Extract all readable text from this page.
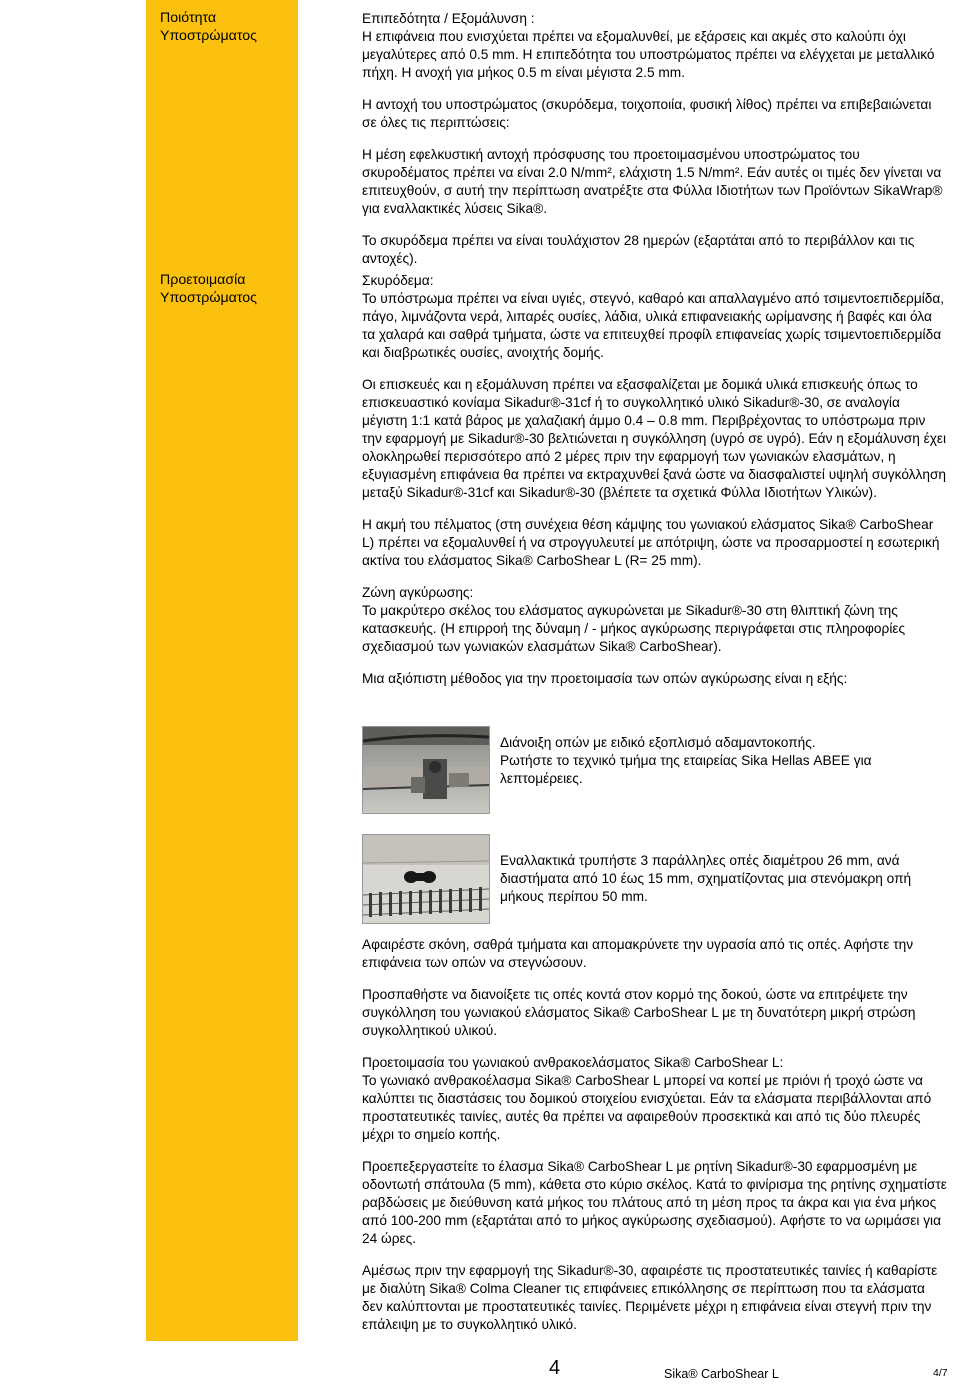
Ποιότητα
Υποστρώματος

Επιπεδότητα / Εξομάλυνση :

Η επιφάνεια που ενισχύεται πρέπει να εξομαλυνθεί, με εξάρσεις και ακμές στο καλούπι όχι μεγαλύτερες από 0.5 mm. Η επιπεδότητα του υποστρώματος πρέπει να ελέγχεται με μεταλλικό πήχη. Η ανοχή για μήκος 0.5 m είναι μέγιστα 2.5 mm.

Η αντοχή του υποστρώματος (σκυρόδεμα, τοιχοποιία, φυσική λίθος) πρέπει να επιβεβαιώνεται σε όλες τις περιπτώσεις:

Η μέση εφελκυστική αντοχή πρόσφυσης του προετοιμασμένου υποστρώματος του σκυροδέματος πρέπει να είναι 2.0 N/mm², ελάχιστη 1.5 N/mm². Εάν αυτές οι τιμές δεν γίνεται να επιτευχθούν, σ αυτή την περίπτωση ανατρέξτε στα Φύλλα Ιδιοτήτων των Προϊόντων SikaWrap® για εναλλακτικές λύσεις Sika®.

Το σκυρόδεμα πρέπει να είναι τουλάχιστον 28 ημερών (εξαρτάται από το περιβάλλον και τις αντοχές).

Προετοιμασία
Υποστρώματος

Σκυρόδεμα:

Το υπόστρωμα πρέπει να είναι υγιές, στεγνό, καθαρό και απαλλαγμένο από τσιμεντοεπιδερμίδα, πάγο, λιμνάζοντα νερά, λιπαρές ουσίες, λάδια, υλικά επιφανειακής ωρίμανσης ή βαφές και όλα τα χαλαρά και σαθρά τμήματα, ώστε να επιτευχθεί προφίλ επιφανείας χωρίς τσιμεντοεπιδερμίδα και διαβρωτικές ουσίες, ανοιχτής δομής.

Οι επισκευές και η εξομάλυνση πρέπει να εξασφαλίζεται με δομικά υλικά επισκευής όπως το επισκευαστικό κονίαμα Sikadur®-31cf ή το συγκολλητικό υλικό Sikadur®-30, σε αναλογία μέγιστη 1:1 κατά βάρος με χαλαζιακή άμμο 0.4 – 0.8 mm. Περιβρέχοντας το υπόστρωμα πριν την εφαρμογή με Sikadur®-30 βελτιώνεται η συγκόλληση (υγρό σε υγρό). Εάν η εξομάλυνση έχει ολοκληρωθεί περισσότερο από 2 μέρες πριν την εφαρμογή των γωνιακών ελασμάτων, η εξυγιασμένη επιφάνεια θα πρέπει να εκτραχυνθεί ξανά ώστε να διασφαλιστεί υψηλή συγκόλληση μεταξύ Sikadur®-31cf και Sikadur®-30 (βλέπετε τα σχετικά Φύλλα Ιδιοτήτων Υλικών).

Η ακμή του πέλματος (στη συνέχεια θέση κάμψης του γωνιακού ελάσματος Sika® CarboShear L) πρέπει να εξομαλυνθεί ή να στρογγυλευτεί με απότριψη, ώστε να προσαρμοστεί η εσωτερική ακτίνα του ελάσματος Sika® CarboShear L (R= 25 mm).

Ζώνη αγκύρωσης:

Το μακρύτερο σκέλος του ελάσματος αγκυρώνεται με Sikadur®-30 στη θλιπτική ζώνη της κατασκευής. (Η επιρροή της δύναμη / - μήκος αγκύρωσης περιγράφεται στις πληροφορίες σχεδιασμού των γωνιακών ελασμάτων Sika® CarboShear).

Μια αξιόπιστη μέθοδος για την προετοιμασία των οπών αγκύρωσης είναι η εξής:

Διάνοιξη οπών με ειδικό εξοπλισμό αδαμαντοκοπής.

Ρωτήστε το τεχνικό τμήμα της εταιρείας Sika Hellas ΑΒΕΕ για λεπτομέρειες.

Εναλλακτικά τρυπήστε 3 παράλληλες οπές διαμέτρου 26 mm, ανά διαστήματα από 10 έως 15 mm, σχηματίζοντας μια στενόμακρη οπή μήκους περίπου 50 mm.

Αφαιρέστε σκόνη, σαθρά τμήματα και απομακρύνετε την υγρασία από τις οπές. Αφήστε την επιφάνεια των οπών να στεγνώσουν.

Προσπαθήστε να διανοίξετε τις οπές κοντά στον κορμό της δοκού, ώστε να επιτρέψετε την συγκόλληση του γωνιακού ελάσματος Sika® CarboShear L με τη δυνατότερη μικρή στρώση συγκολλητικού υλικού.

Προετοιμασία του γωνιακού ανθρακοελάσματος Sika® CarboShear L:

Το γωνιακό ανθρακοέλασμα Sika® CarboShear L μπορεί να κοπεί με πριόνι ή τροχό ώστε να καλύπτει τις διαστάσεις του δομικού στοιχείου ενισχύεται. Εάν τα ελάσματα περιβάλλονται από προστατευτικές ταινίες, αυτές θα πρέπει να αφαιρεθούν προσεκτικά και από τις δύο πλευρές μέχρι το σημείο κοπής.

Προεπεξεργαστείτε το έλασμα Sika® CarboShear L με ρητίνη Sikadur®-30 εφαρμοσμένη με οδοντωτή σπάτουλα (5 mm), κάθετα στο κύριο σκέλος. Κατά το φινίρισμα της ρητίνης σχηματίστε ραβδώσεις με διεύθυνση κατά μήκος του πλάτους από τη μέση προς τα άκρα και για ένα μήκος από 100-200 mm (εξαρτάται από το μήκος αγκύρωσης σχεδιασμού). Αφήστε το να ωριμάσει για 24 ώρες.

Αμέσως πριν την εφαρμογή της Sikadur®-30, αφαιρέστε τις προστατευτικές ταινίες ή καθαρίστε με διαλύτη Sika® Colma Cleaner τις επιφάνειες επικόλλησης σε περίπτωση που τα ελάσματα δεν καλύπτονται με προστατευτικές ταινίες. Περιμένετε μέχρι η επιφάνεια είναι στεγνή πριν την επάλειψη με το συγκολλητικό υλικό.

4	Sika® CarboShear L	4/7
